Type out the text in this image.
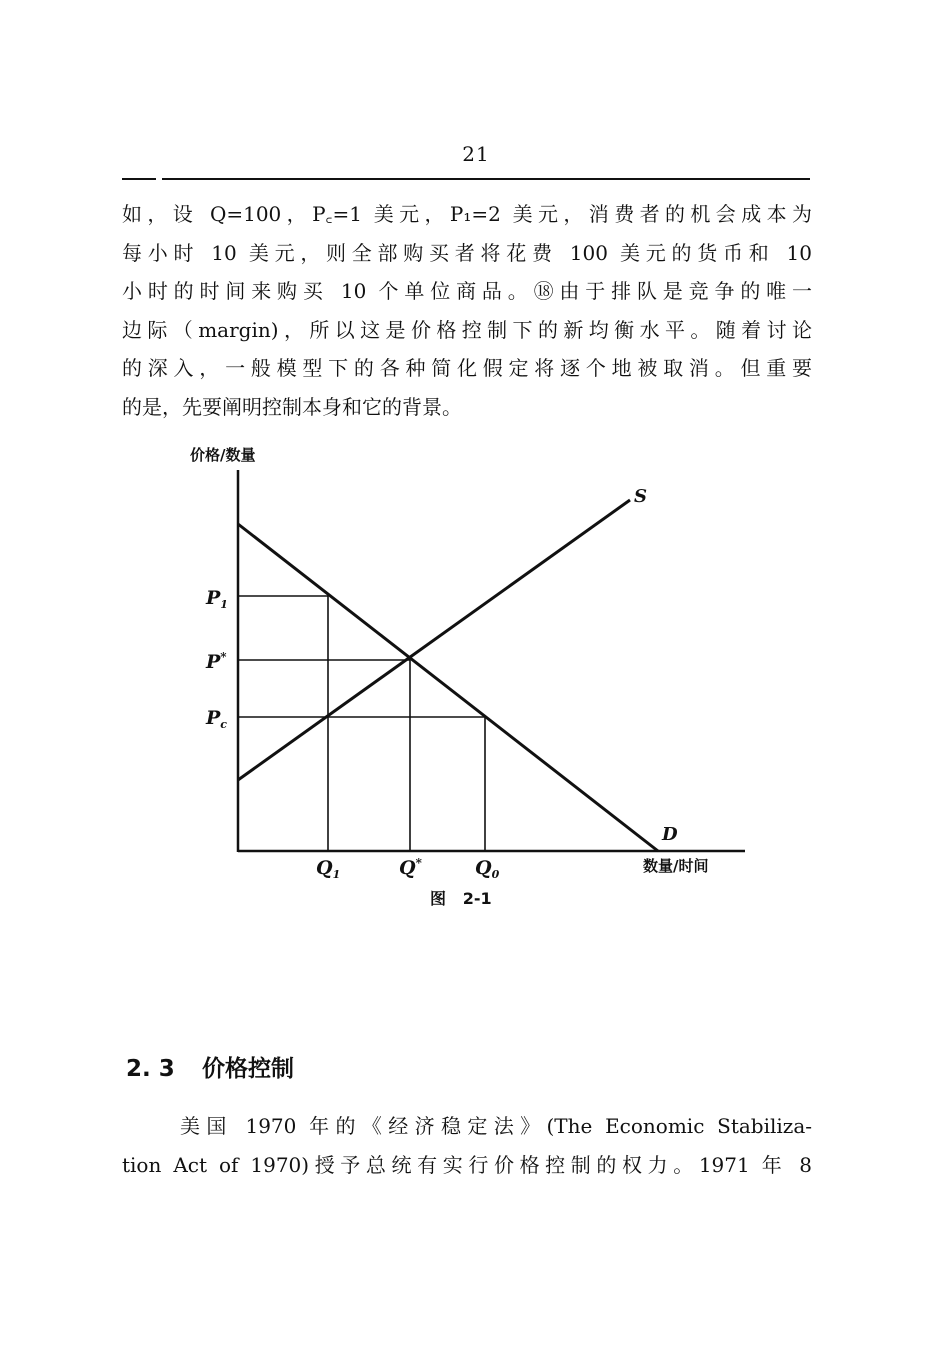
21
如，设 Q=100，P꜀=1 美元，P₁=2 美元，消费者的机会成本为
每小时 10 美元，则全部购买者将花费 100 美元的货币和 10
小时的时间来购买 10 个单位商品。⑱由于排队是竞争的唯一
边际（margin)，所以这是价格控制下的新均衡水平。随着讨论
的深入，一般模型下的各种简化假定将逐个地被取消。但重要
的是，先要阐明控制本身和它的背景。
价格/数量
数量/时间
S
D
$P_1$
P*
$P_c$
$Q_1$	Q*	$Q_0$
图   2-1
2. 3 价格控制
美国 1970 年的《经济稳定法》(The Economic Stabiliza-
tion Act of 1970)授予总统有实行价格控制的权力。1971 年 8
